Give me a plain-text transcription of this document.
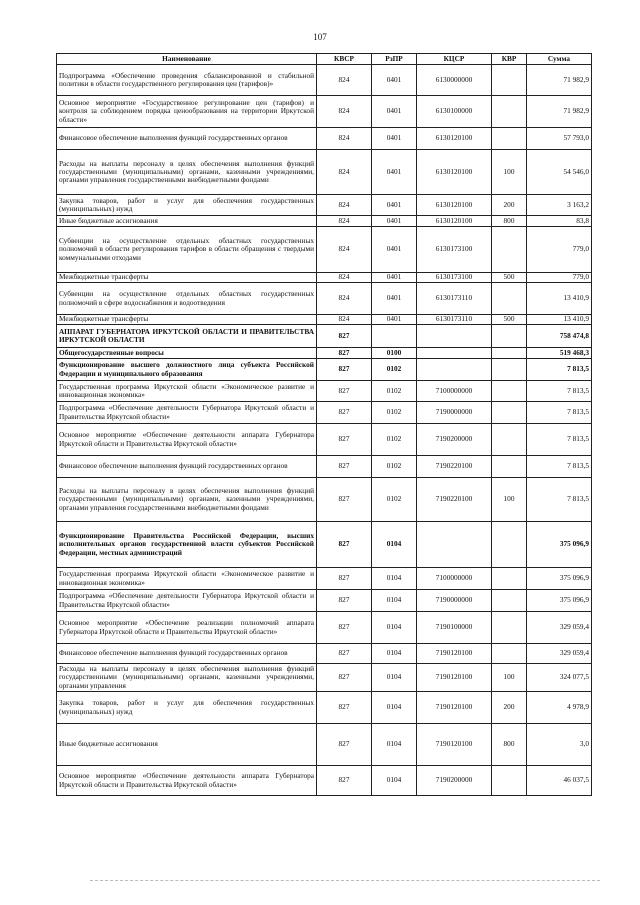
107
Наименование	КВСР	РзПР	КЦСР	КВР	Сумма
Подпрограмма «Обеспечение проведения сбалансированной и стабильной политики в области государственного регулирования цен (тарифов)»	824	0401	6130000000		71 982,9
Основное мероприятие «Государственное регулирование цен (тарифов) и контроля за соблюдением порядка ценообразования на территории Иркутской области»	824	0401	6130100000		71 982,9
Финансовое обеспечение выполнения функций государственных органов	824	0401	6130120100		57 793,0
Расходы на выплаты персоналу в целях обеспечения выполнения функций государственными (муниципальными) органами, казенными учреждениями, органами управления государственными внебюджетными фондами	824	0401	6130120100	100	54 546,0
Закупка товаров, работ и услуг для обеспечения государственных (муниципальных) нужд	824	0401	6130120100	200	3 163,2
Иные бюджетные ассигнования	824	0401	6130120100	800	83,8
Субвенции на осуществление отдельных областных государственных полномочий в области регулирования тарифов в области обращения с твердыми коммунальными отходами	824	0401	6130173100		779,0
Межбюджетные трансферты	824	0401	6130173100	500	779,0
Субвенции на осуществление отдельных областных государственных полномочий в сфере водоснабжения и водоотведения	824	0401	6130173110		13 410,9
Межбюджетные трансферты	824	0401	6130173110	500	13 410,9
АППАРАТ ГУБЕРНАТОРА ИРКУТСКОЙ ОБЛАСТИ И ПРАВИТЕЛЬСТВА ИРКУТСКОЙ ОБЛАСТИ	827				758 474,8
Общегосударственные вопросы	827	0100			519 468,3
Функционирование высшего должностного лица субъекта Российской Федерации и муниципального образования	827	0102			7 813,5
Государственная программа Иркутской области «Экономическое развитие и инновационная экономика»	827	0102	7100000000		7 813,5
Подпрограмма «Обеспечение деятельности Губернатора Иркутской области и Правительства Иркутской области»	827	0102	7190000000		7 813,5
Основное мероприятие «Обеспечение деятельности аппарата Губернатора Иркутской области и Правительства Иркутской области»	827	0102	7190200000		7 813,5
Финансовое обеспечение выполнения функций государственных органов	827	0102	7190220100		7 813,5
Расходы на выплаты персоналу в целях обеспечения выполнения функций государственными (муниципальными) органами, казенными учреждениями, органами управления государственными внебюджетными фондами	827	0102	7190220100	100	7 813,5
Функционирование Правительства Российской Федерации, высших исполнительных органов государственной власти субъектов Российской Федерации, местных администраций	827	0104			375 096,9
Государственная программа Иркутской области «Экономическое развитие и инновационная экономика»	827	0104	7100000000		375 096,9
Подпрограмма «Обеспечение деятельности Губернатора Иркутской области и Правительства Иркутской области»	827	0104	7190000000		375 096,9
Основное мероприятие «Обеспечение реализации полномочий аппарата Губернатора Иркутской области и Правительства Иркутской области»	827	0104	7190100000		329 059,4
Финансовое обеспечение выполнения функций государственных органов	827	0104	7190120100		329 059,4
Расходы на выплаты персоналу в целях обеспечения выполнения функций государственными (муниципальными) органами, казенными учреждениями, органами управления	827	0104	7190120100	100	324 077,5
Закупка товаров, работ и услуг для обеспечения государственных (муниципальных) нужд	827	0104	7190120100	200	4 978,9
Иные бюджетные ассигнования	827	0104	7190120100	800	3,0
Основное мероприятие «Обеспечение деятельности аппарата Губернатора Иркутской области и Правительства Иркутской области»	827	0104	7190200000		46 037,5
